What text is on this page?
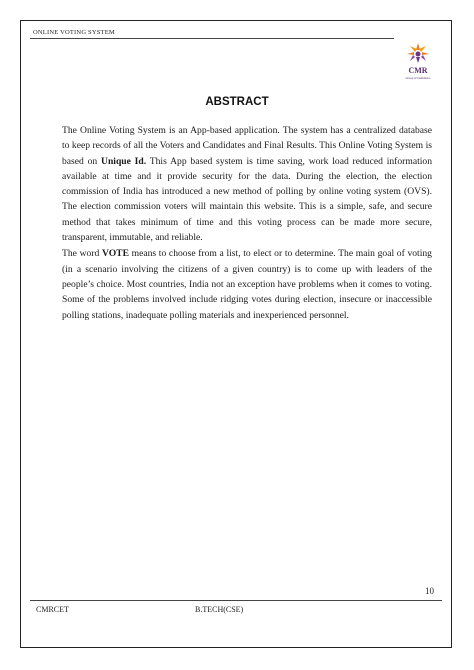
ONLINE VOTING SYSTEM
CMR
Group of Institutions
ABSTRACT

The Online Voting System is an App-based application. The system has a centralized database to keep records of all the Voters and Candidates and Final Results. This Online Voting System is based on Unique Id. This App based system is time saving, work load reduced information available at time and it provide security for the data. During the election, the election commission of India has introduced a new method of polling by online voting system (OVS). The election commission voters will maintain this website. This is a simple, safe, and secure method that takes minimum of time and this voting process can be made more secure, transparent, immutable, and reliable.

The word VOTE means to choose from a list, to elect or to determine. The main goal of voting (in a scenario involving the citizens of a given country) is to come up with leaders of the people’s choice. Most countries, India not an exception have problems when it comes to voting. Some of the problems involved include ridging votes during election, insecure or inaccessible polling stations, inadequate polling materials and inexperienced personnel.

10
CMRCET	B.TECH(CSE)
